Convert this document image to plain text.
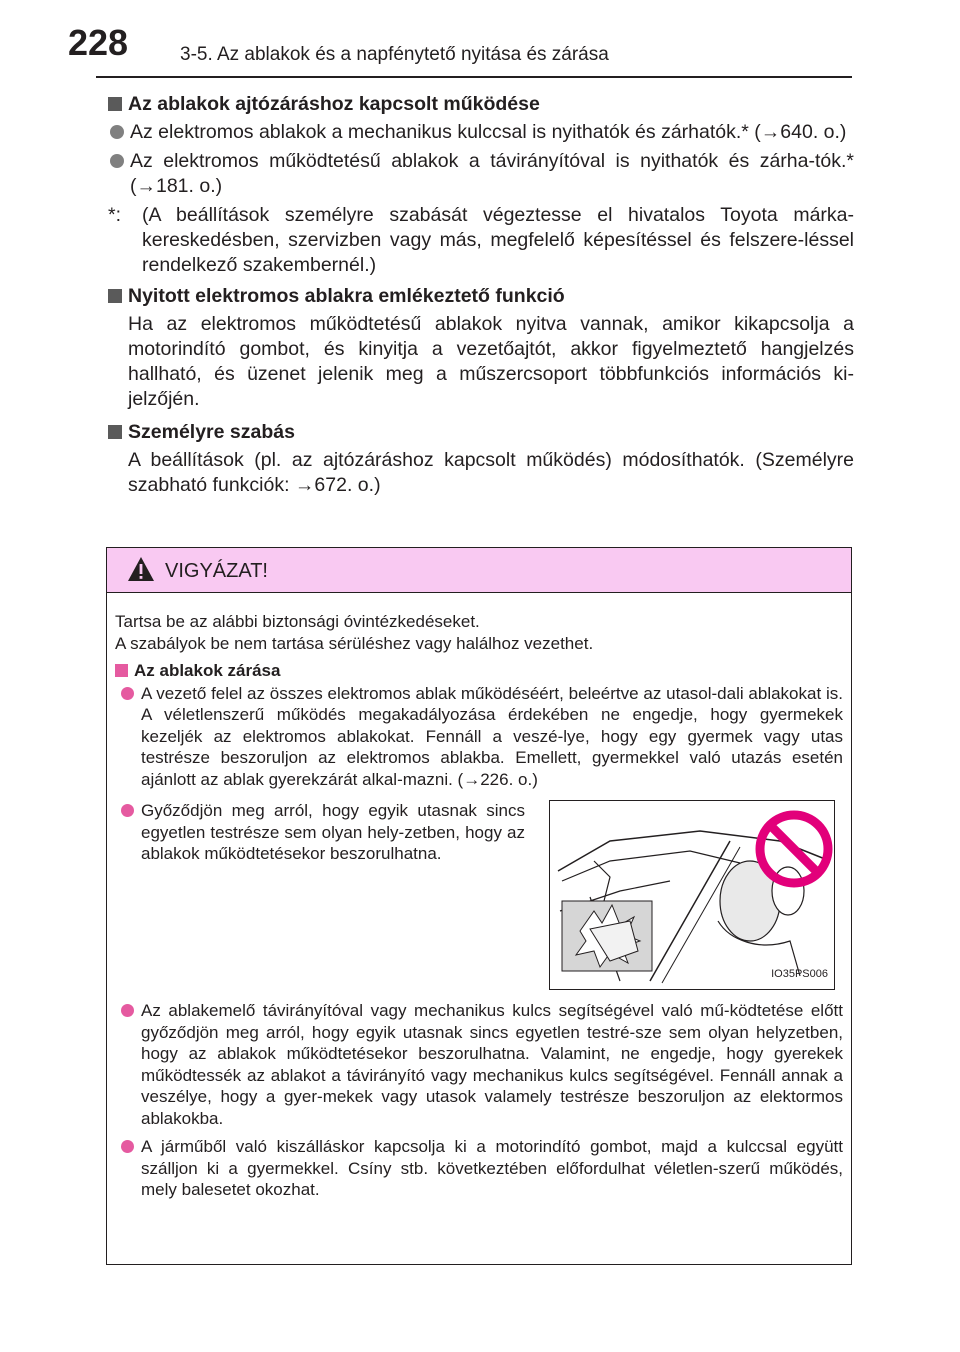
228	3-5. Az ablakok és a napfénytető nyitása és zárása
Az ablakok ajtózáráshoz kapcsolt működése
Az elektromos ablakok a mechanikus kulccsal is nyithatók és zárhatók.* (→640. o.)
Az elektromos működtetésű ablakok a távirányítóval is nyithatók és zárha-tók.* (→181. o.)
*:	(A beállítások személyre szabását végeztesse el hivatalos Toyota márka-kereskedésben, szervizben vagy más, megfelelő képesítéssel és felszere-léssel rendelkező szakembernél.)
Nyitott elektromos ablakra emlékeztető funkció
Ha az elektromos működtetésű ablakok nyitva vannak, amikor kikapcsolja a motorindító gombot, és kinyitja a vezetőajtót, akkor figyelmeztető hangjelzés hallható, és üzenet jelenik meg a műszercsoport többfunkciós információs ki-jelzőjén.
Személyre szabás
A beállítások (pl. az ajtózáráshoz kapcsolt működés) módosíthatók. (Személyre szabható funkciók: →672. o.)
VIGYÁZAT!
Tartsa be az alábbi biztonsági óvintézkedéseket.
A szabályok be nem tartása sérüléshez vagy halálhoz vezethet.
Az ablakok zárása
A vezető felel az összes elektromos ablak működéséért, beleértve az utasol-dali ablakokat is. A véletlenszerű működés megakadályozása érdekében ne engedje, hogy gyermekek kezeljék az elektromos ablakokat. Fennáll a veszé-lye, hogy egy gyermek vagy utas testrésze beszoruljon az elektromos ablakba. Emellett, gyermekkel való utazás esetén ajánlott az ablak gyerekzárát alkal-mazni. (→226. o.)
Győződjön meg arról, hogy egyik utasnak sincs egyetlen testrésze sem olyan hely-zetben, hogy az ablakok működtetésekor beszorulhatna.
IO35PS006
Az ablakemelő távirányítóval vagy mechanikus kulcs segítségével való mű-ködtetése előtt győződjön meg arról, hogy egyik utasnak sincs egyetlen testré-sze sem olyan helyzetben, hogy az ablakok működtetésekor beszorulhatna. Valamint, ne engedje, hogy gyerekek működtessék az ablakot a távirányító vagy mechanikus kulcs segítségével. Fennáll annak a veszélye, hogy a gyer-mekek vagy utasok valamely testrésze beszoruljon az elektormos ablakokba.
A járműből való kiszálláskor kapcsolja ki a motorindító gombot, majd a kulccsal együtt szálljon ki a gyermekkel. Csíny stb. következtében előfordulhat véletlen-szerű működés, mely balesetet okozhat.
